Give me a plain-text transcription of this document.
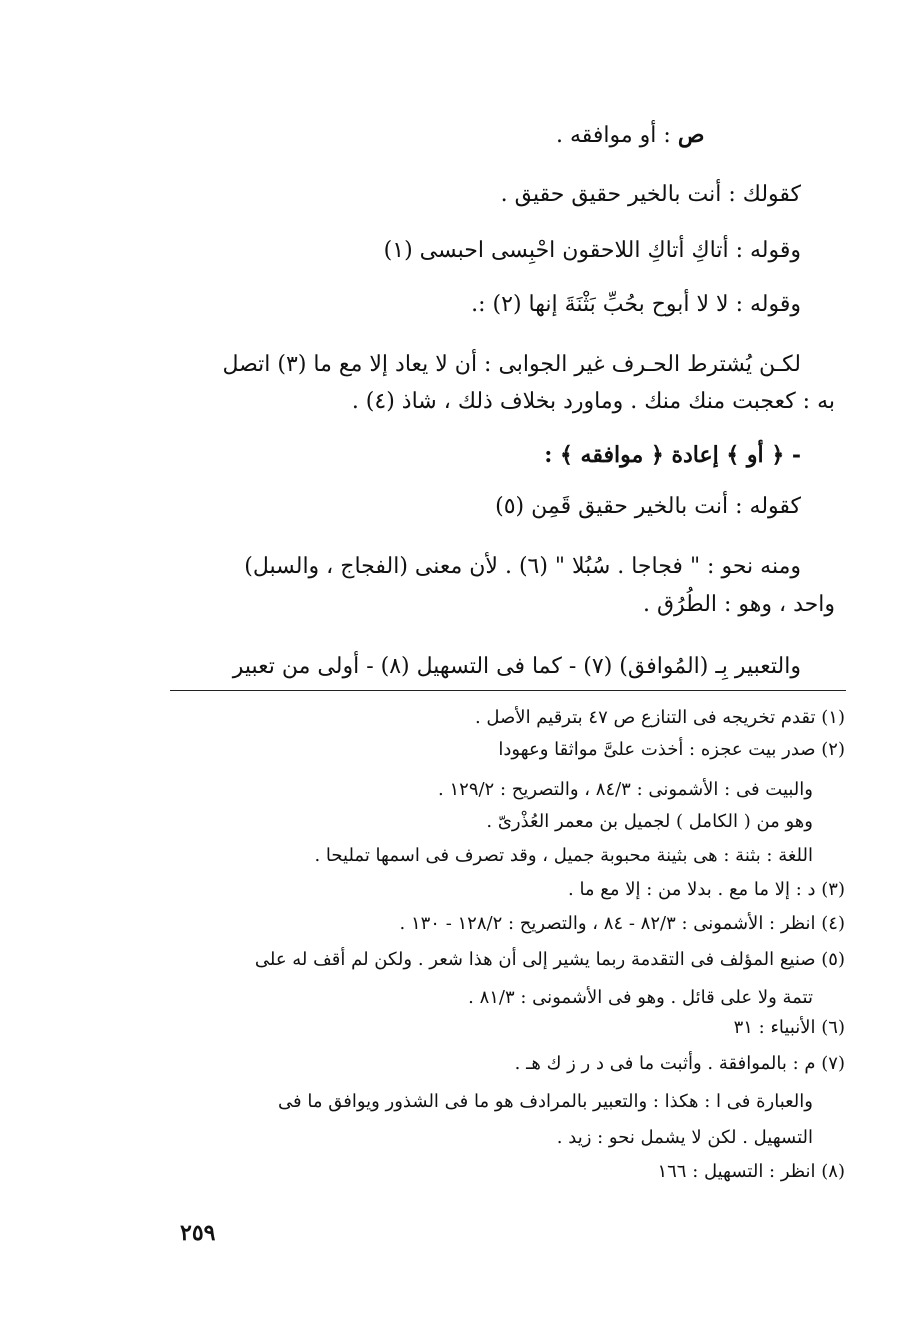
ص : أو موافقه .
كقولك : أنت بالخير حقيق حقيق .
وقوله : أتاكِ أتاكِ اللاحقون احْبِسى احبسى (١)
وقوله : لا لا أبوح بحُبِّ بَثْنَةَ إنها (٢) :.
لكـن يُشترط الحـرف غير الجوابى : أن لا يعاد إلا مع ما (٣) اتصل
به : كعجبت منك منك . وماورد بخلاف ذلك ، شاذ (٤) .
- ﴿ أو ﴾ إعادة ﴿ موافقه ﴾ :
كقوله : أنت بالخير حقيق قَمِن (٥)
ومنه نحو : " فجاجا . سُبُلا " (٦) . لأن معنى (الفجاج ، والسبل)
واحد ، وهو : الطُرُق .
والتعبير بِـ (المُوافق) (٧) - كما فى التسهيل (٨) - أولى من تعبير
(١) تقدم تخريجه فى التنازع ص ٤٧ بترقيم الأصل .
(٢) صدر بيت عجزه : أخذت علىَّ مواثقا وعهودا
والبيت فى : الأشمونى : ٨٤/٣ ، والتصريح : ١٢٩/٢ .
وهو من ( الكامل ) لجميل بن معمر العُذْرىّ .
اللغة : بثنة : هى بثينة محبوبة جميل ، وقد تصرف فى اسمها تمليحا .
(٣) د : إلا ما مع . بدلا من : إلا مع ما .
(٤) انظر : الأشمونى : ٨٢/٣ - ٨٤ ، والتصريح : ١٢٨/٢ - ١٣٠ .
(٥) صنيع المؤلف فى التقدمة ربما يشير إلى أن هذا شعر . ولكن لم أقف له على
تتمة ولا على قائل . وهو فى الأشمونى : ٨١/٣ .
(٦) الأنبياء : ٣١
(٧) م : بالموافقة . وأثبت ما فى د ر ز ك هـ .
والعبارة فى ا : هكذا : والتعبير بالمرادف هو ما فى الشذور ويوافق ما فى
التسهيل . لكن لا يشمل نحو : زيد .
(٨) انظر : التسهيل : ١٦٦
٢٥٩
